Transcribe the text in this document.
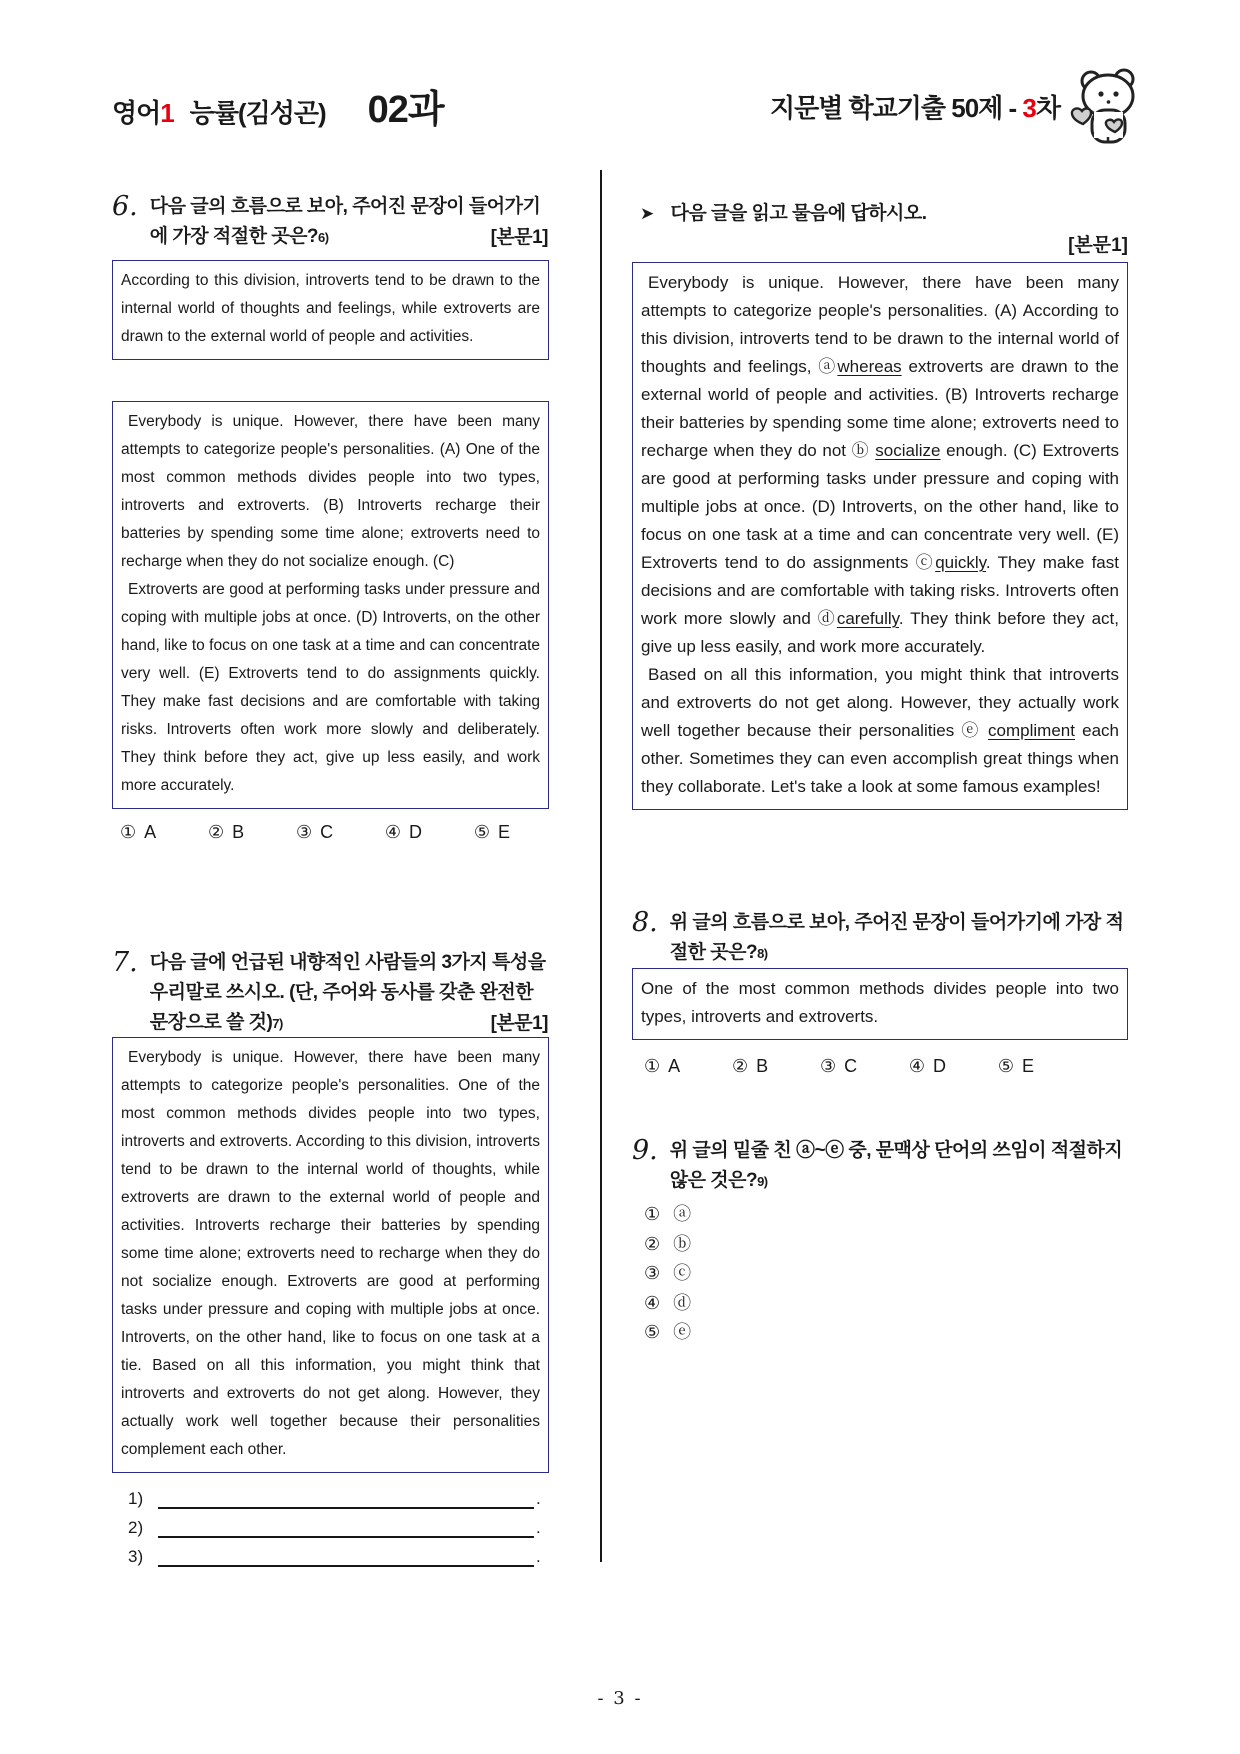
영어1 능률(김성곤) 02과	지문별 학교기출 50제 - 3차
6. 다음 글의 흐름으로 보아, 주어진 문장이 들어가기에 가장 적절한 곳은?6)	[본문1]

According to this division, introverts tend to be drawn to the internal world of thoughts and feelings, while extroverts are drawn to the external world of people and activities.

Everybody is unique. However, there have been many attempts to categorize people's personalities. (A) One of the most common methods divides people into two types, introverts and extroverts. (B) Introverts recharge their batteries by spending some time alone; extroverts need to recharge when they do not socialize enough. (C)

Extroverts are good at performing tasks under pressure and coping with multiple jobs at once. (D) Introverts, on the other hand, like to focus on one task at a time and can concentrate very well. (E) Extroverts tend to do assignments quickly. They make fast decisions and are comfortable with taking risks. Introverts often work more slowly and deliberately. They think before they act, give up less easily, and work more accurately.

① A	② B	③ C	④ D	⑤ E
7. 다음 글에 언급된 내향적인 사람들의 3가지 특성을 우리말로 쓰시오. (단, 주어와 동사를 갖춘 완전한 문장으로 쓸 것)7)	[본문1]

Everybody is unique. However, there have been many attempts to categorize people's personalities. One of the most common methods divides people into two types, introverts and extroverts. According to this division, introverts tend to be drawn to the internal world of thoughts, while extroverts are drawn to the external world of people and activities. Introverts recharge their batteries by spending some time alone; extroverts need to recharge when they do not socialize enough. Extroverts are good at performing tasks under pressure and coping with multiple jobs at once. Introverts, on the other hand, like to focus on one task at a tie. Based on all this information, you might think that introverts and extroverts do not get along. However, they actually work well together because their personalities complement each other.

1)	.
2)	.
3)	.
➤ 다음 글을 읽고 물음에 답하시오.
[본문1]

Everybody is unique. However, there have been many attempts to categorize people's personalities. (A) According to this division, introverts tend to be drawn to the internal world of thoughts and feelings, ⓐwhereas extroverts are drawn to the external world of people and activities. (B) Introverts recharge their batteries by spending some time alone; extroverts need to recharge when they do not ⓑ socialize enough. (C) Extroverts are good at performing tasks under pressure and coping with multiple jobs at once. (D) Introverts, on the other hand, like to focus on one task at a time and can concentrate very well. (E) Extroverts tend to do assignments ⓒquickly. They make fast decisions and are comfortable with taking risks. Introverts often work more slowly and ⓓcarefully. They think before they act, give up less easily, and work more accurately.

Based on all this information, you might think that introverts and extroverts do not get along. However, they actually work well together because their personalities ⓔ compliment each other. Sometimes they can even accomplish great things when they collaborate. Let's take a look at some famous examples!

8. 위 글의 흐름으로 보아, 주어진 문장이 들어가기에 가장 적절한 곳은?8)

One of the most common methods divides people into two types, introverts and extroverts.

① A	② B	③ C	④ D	⑤ E
9. 위 글의 밑줄 친 ⓐ~ⓔ 중, 문맥상 단어의 쓰임이 적절하지 않은 것은?9)
① ⓐ
② ⓑ
③ ⓒ
④ ⓓ
⑤ ⓔ
- 3 -
